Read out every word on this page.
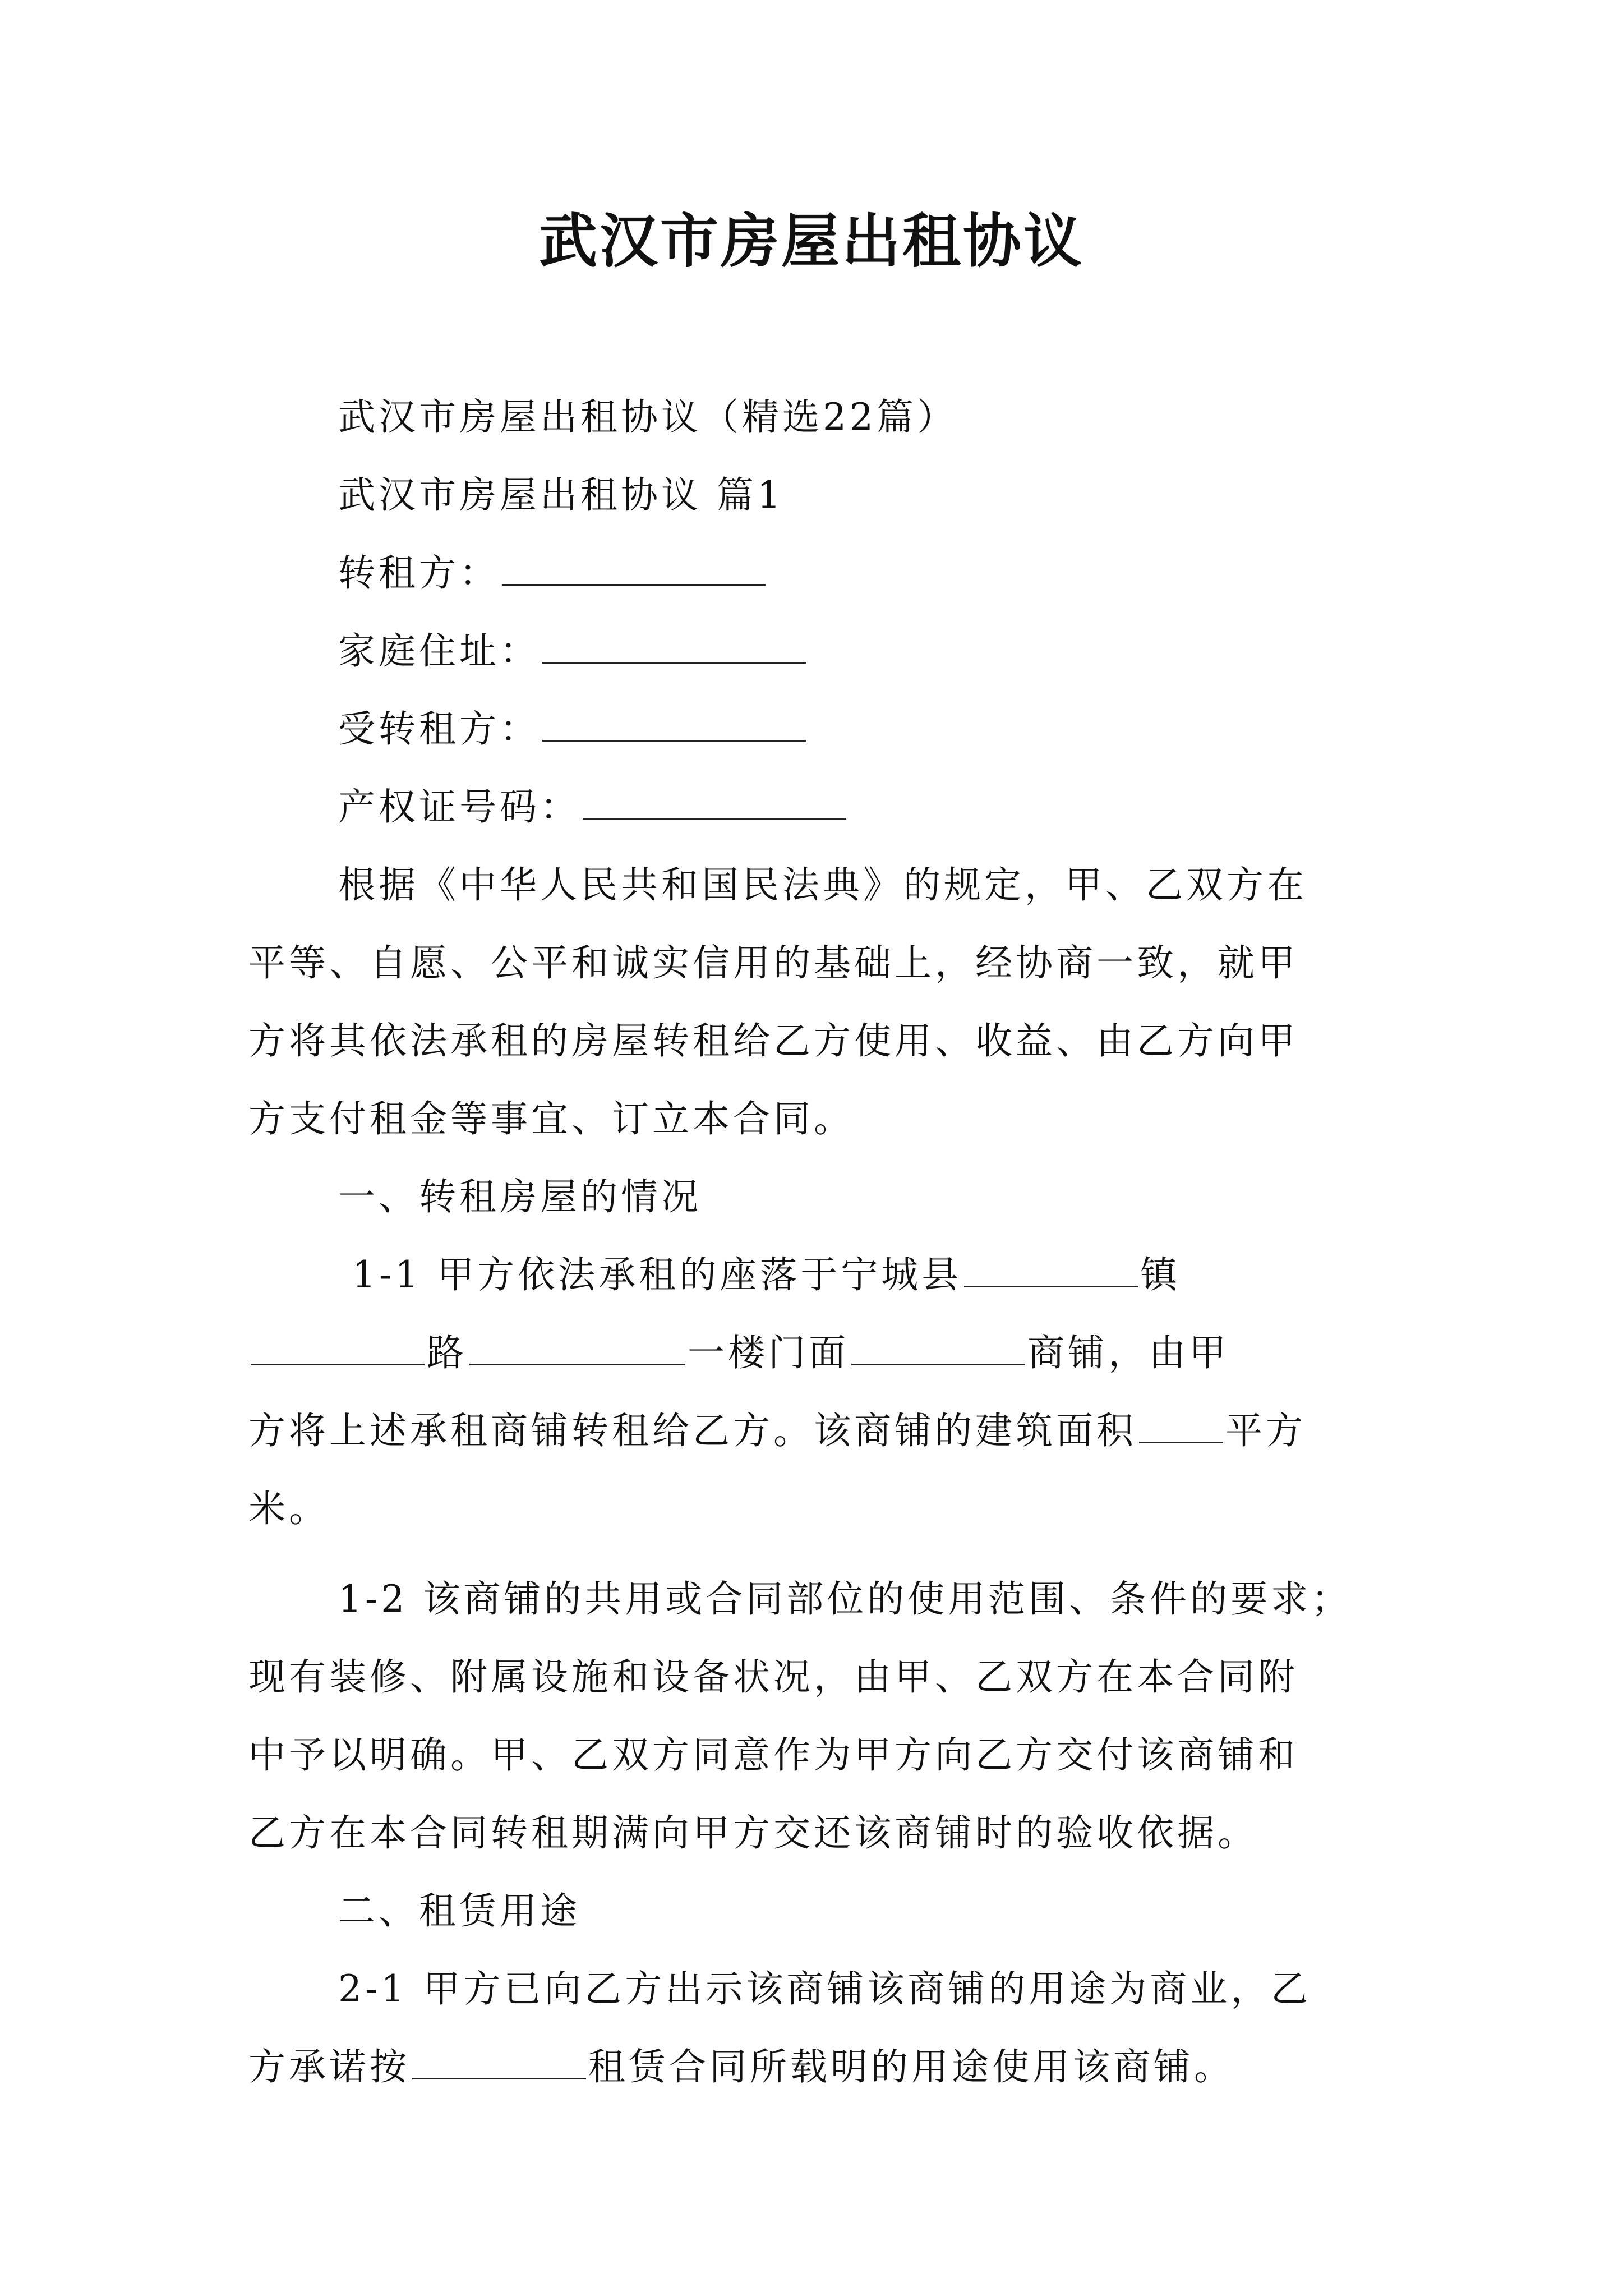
武汉市房屋出租协议
武汉市房屋出租协议（精选22篇）
武汉市房屋出租协议 篇1
转租方：
家庭住址：
受转租方：
产权证号码：
根据《中华人民共和国民法典》的规定，甲、乙双方在
平等、自愿、公平和诚实信用的基础上，经协商一致，就甲
方将其依法承租的房屋转租给乙方使用、收益、由乙方向甲
方支付租金等事宜、订立本合同。
一、转租房屋的情况
1-1 甲方依法承租的座落于宁城县	镇
路	一楼门面	商铺，由甲
方将上述承租商铺转租给乙方。该商铺的建筑面积 平方
米。
1-2 该商铺的共用或合同部位的使用范围、条件的要求；
现有装修、附属设施和设备状况，由甲、乙双方在本合同附
中予以明确。甲、乙双方同意作为甲方向乙方交付该商铺和
乙方在本合同转租期满向甲方交还该商铺时的验收依据。
二、租赁用途
2-1 甲方已向乙方出示该商铺该商铺的用途为商业，乙
方承诺按	租赁合同所载明的用途使用该商铺。
